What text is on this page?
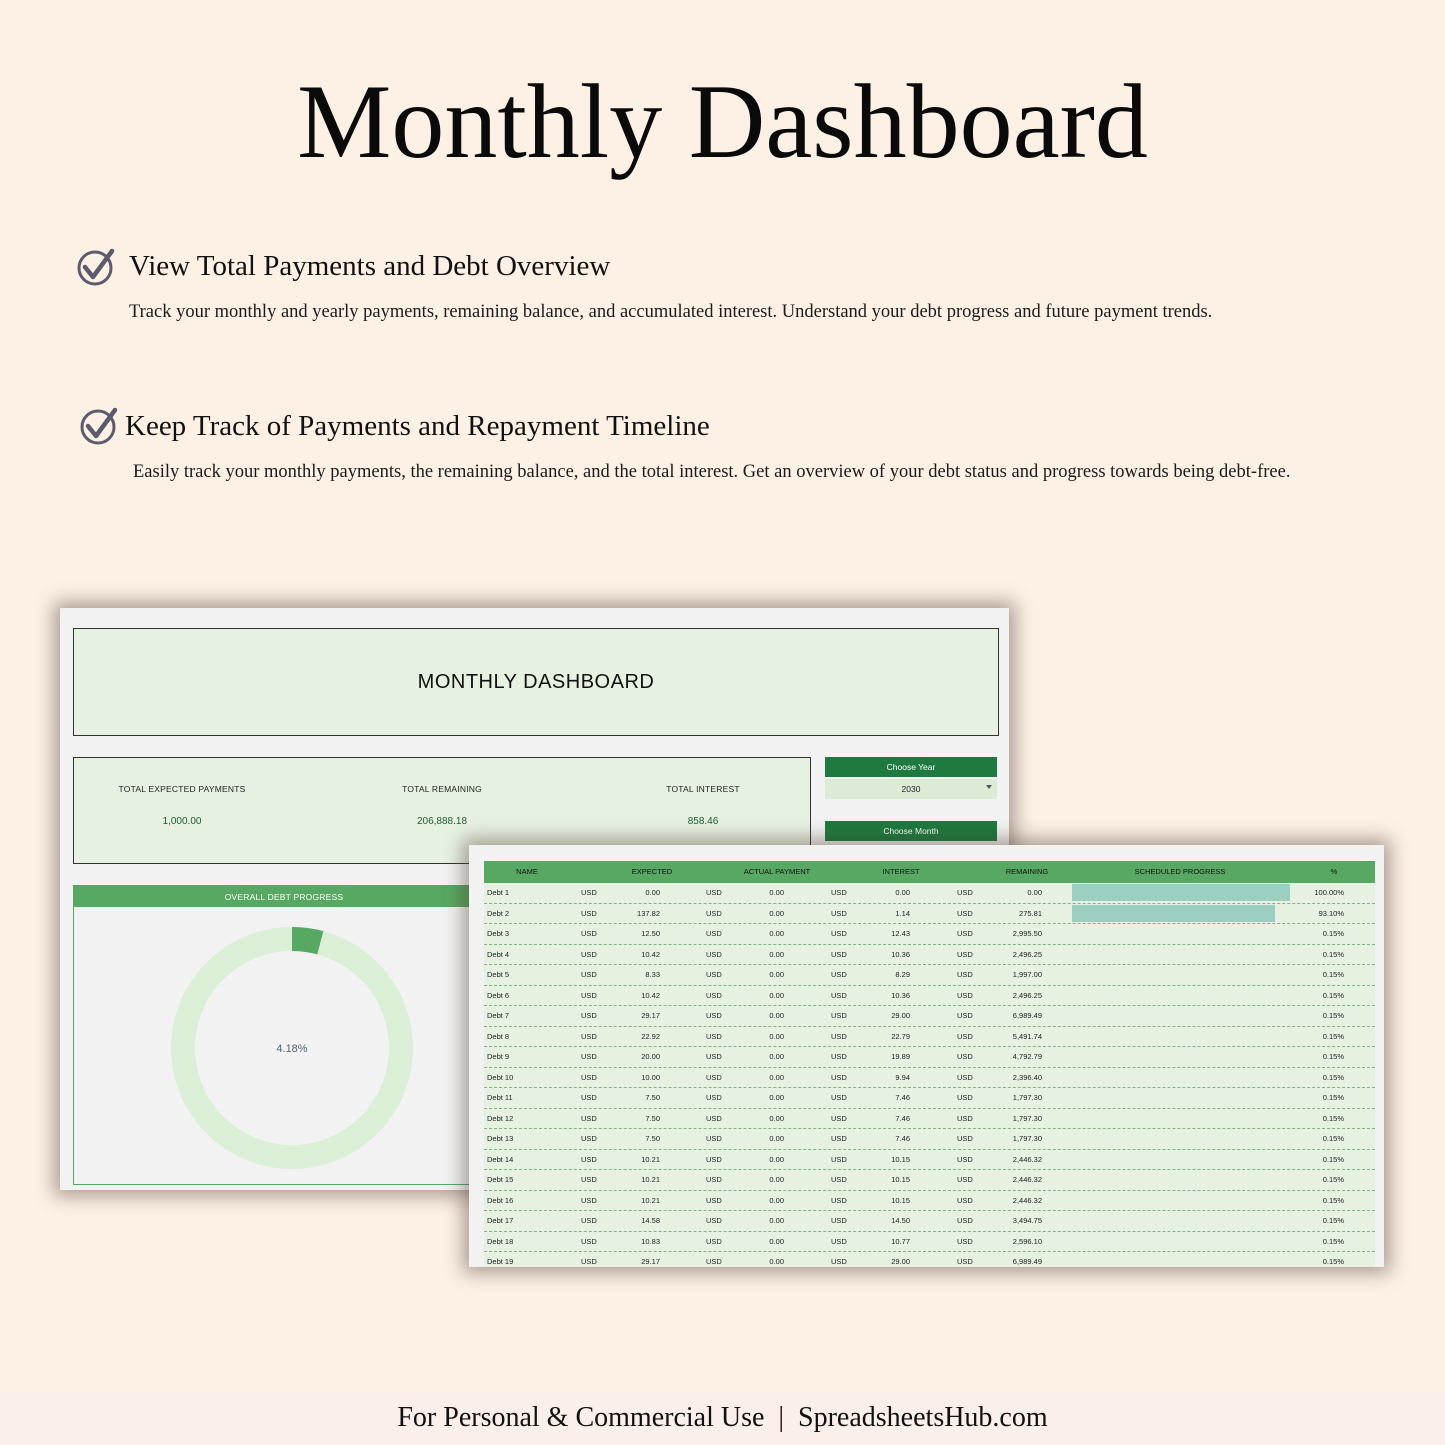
Monthly Dashboard
View Total Payments and Debt Overview
Track your monthly and yearly payments, remaining balance, and accumulated interest. Understand your debt progress and future payment trends.
Keep Track of Payments and Repayment Timeline
Easily track your monthly payments, the remaining balance, and the total interest. Get an overview of your debt status and progress towards being debt-free.
MONTHLY DASHBOARD
TOTAL EXPECTED PAYMENTS
1,000.00
TOTAL REMAINING
206,888.18
TOTAL INTEREST
858.46
Choose Year
2030
Choose Month
OVERALL DEBT PROGRESS
4.18%
NAME	EXPECTED	ACTUAL PAYMENT	INTEREST	REMAINING	SCHEDULED PROGRESS	%
Debt 1	USD	0.00	USD	0.00	USD	0.00	USD	0.00	100.00%
Debt 2	USD	137.82	USD	0.00	USD	1.14	USD	275.81	93.10%
Debt 3	USD	12.50	USD	0.00	USD	12.43	USD	2,995.50	0.15%
Debt 4	USD	10.42	USD	0.00	USD	10.36	USD	2,496.25	0.15%
Debt 5	USD	8.33	USD	0.00	USD	8.29	USD	1,997.00	0.15%
Debt 6	USD	10.42	USD	0.00	USD	10.36	USD	2,496.25	0.15%
Debt 7	USD	29.17	USD	0.00	USD	29.00	USD	6,989.49	0.15%
Debt 8	USD	22.92	USD	0.00	USD	22.79	USD	5,491.74	0.15%
Debt 9	USD	20.00	USD	0.00	USD	19.89	USD	4,792.79	0.15%
Debt 10	USD	10.00	USD	0.00	USD	9.94	USD	2,396.40	0.15%
Debt 11	USD	7.50	USD	0.00	USD	7.46	USD	1,797.30	0.15%
Debt 12	USD	7.50	USD	0.00	USD	7.46	USD	1,797.30	0.15%
Debt 13	USD	7.50	USD	0.00	USD	7.46	USD	1,797.30	0.15%
Debt 14	USD	10.21	USD	0.00	USD	10.15	USD	2,446.32	0.15%
Debt 15	USD	10.21	USD	0.00	USD	10.15	USD	2,446.32	0.15%
Debt 16	USD	10.21	USD	0.00	USD	10.15	USD	2,446.32	0.15%
Debt 17	USD	14.58	USD	0.00	USD	14.50	USD	3,494.75	0.15%
Debt 18	USD	10.83	USD	0.00	USD	10.77	USD	2,596.10	0.15%
Debt 19	USD	29.17	USD	0.00	USD	29.00	USD	6,989.49	0.15%
For Personal & Commercial Use | SpreadsheetsHub.com
